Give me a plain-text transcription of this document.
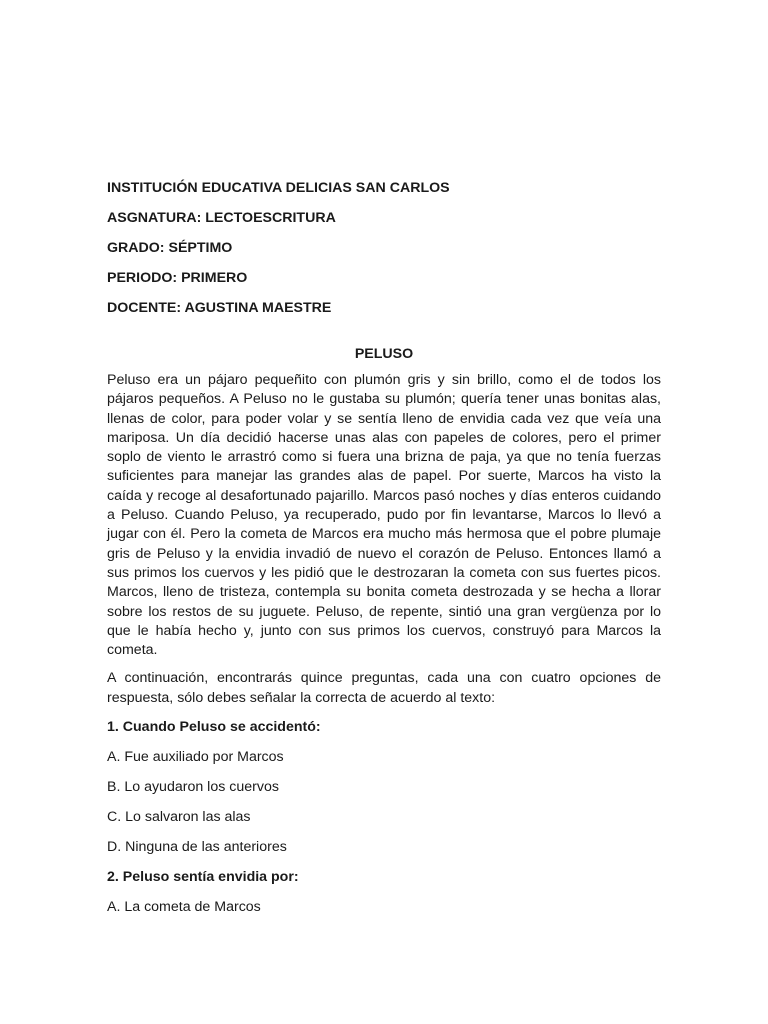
INSTITUCIÓN EDUCATIVA DELICIAS SAN CARLOS
ASGNATURA: LECTOESCRITURA
GRADO: SÉPTIMO
PERIODO: PRIMERO
DOCENTE: AGUSTINA MAESTRE
PELUSO

Peluso era un pájaro pequeñito con plumón gris y sin brillo, como el de todos los pájaros pequeños. A Peluso no le gustaba su plumón; quería tener unas bonitas alas, llenas de color, para poder volar y se sentía lleno de envidia cada vez que veía una mariposa. Un día decidió hacerse unas alas con papeles de colores, pero el primer soplo de viento le arrastró como si fuera una brizna de paja, ya que no tenía fuerzas suficientes para manejar las grandes alas de papel. Por suerte, Marcos ha visto la caída y recoge al desafortunado pajarillo. Marcos pasó noches y días enteros cuidando a Peluso. Cuando Peluso, ya recuperado, pudo por fin levantarse, Marcos lo llevó a jugar con él. Pero la cometa de Marcos era mucho más hermosa que el pobre plumaje gris de Peluso y la envidia invadió de nuevo el corazón de Peluso. Entonces llamó a sus primos los cuervos y les pidió que le destrozaran la cometa con sus fuertes picos. Marcos, lleno de tristeza, contempla su bonita cometa destrozada y se hecha a llorar sobre los restos de su juguete. Peluso, de repente, sintió una gran vergüenza por lo que le había hecho y, junto con sus primos los cuervos, construyó para Marcos la cometa.

A continuación, encontrarás quince preguntas, cada una con cuatro opciones de respuesta, sólo debes señalar la correcta de acuerdo al texto:

1. Cuando Peluso se accidentó:
A. Fue auxiliado por Marcos
B. Lo ayudaron los cuervos
C. Lo salvaron las alas
D. Ninguna de las anteriores
2. Peluso sentía envidia por:
A. La cometa de Marcos
